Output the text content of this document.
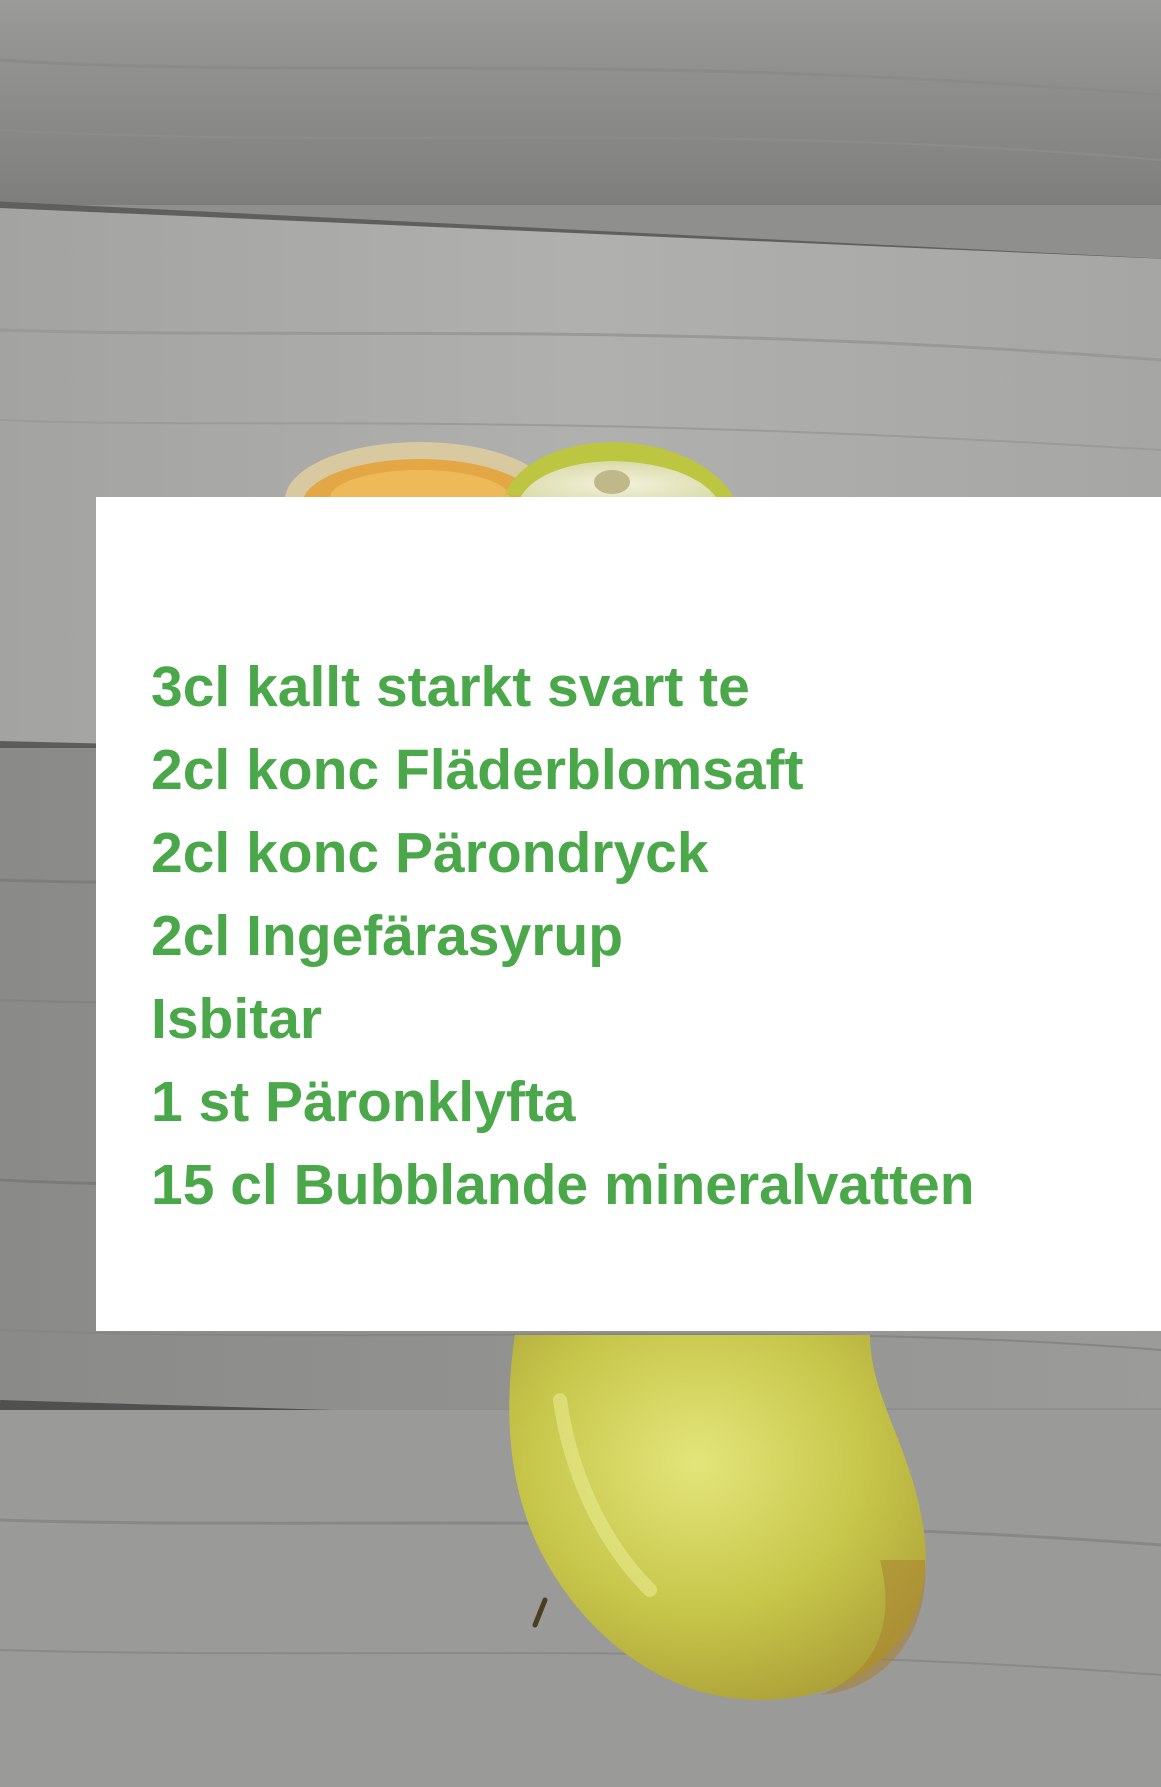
3cl kallt starkt svart te
2cl konc Fläderblomsaft
2cl konc Pärondryck
2cl Ingefärasyrup
Isbitar
1 st Päronklyfta
15 cl Bubblande mineralvatten
